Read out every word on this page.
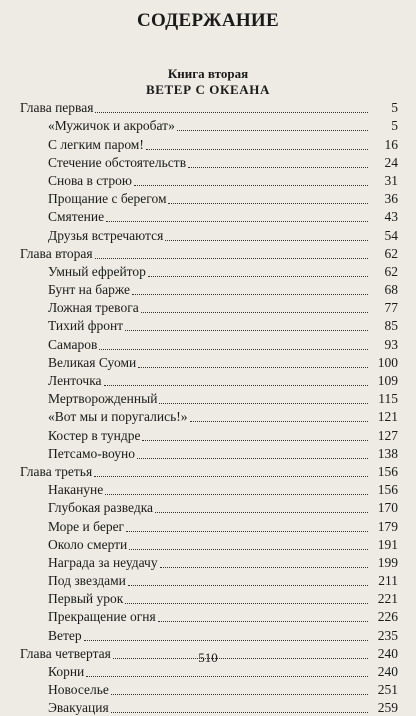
СОДЕРЖАНИЕ
Книга вторая
ВЕТЕР С ОКЕАНА
Глава первая	5
«Мужичок и акробат»	5
С легким паром!	16
Стечение обстоятельств	24
Снова в строю	31
Прощание с берегом	36
Смятение	43
Друзья встречаются	54
Глава вторая	62
Умный ефрейтор	62
Бунт на барже	68
Ложная тревога	77
Тихий фронт	85
Самаров	93
Великая Суоми	100
Ленточка	109
Мертворожденный	115
«Вот мы и поругались!»	121
Костер в тундре	127
Петсамо-воуно	138
Глава третья	156
Накануне	156
Глубокая разведка	170
Море и берег	179
Около смерти	191
Награда за неудачу	199
Под звездами	211
Первый урок	221
Прекращение огня	226
Ветер	235
Глава четвертая	240
Корни	240
Новоселье	251
Эвакуация	259
510
